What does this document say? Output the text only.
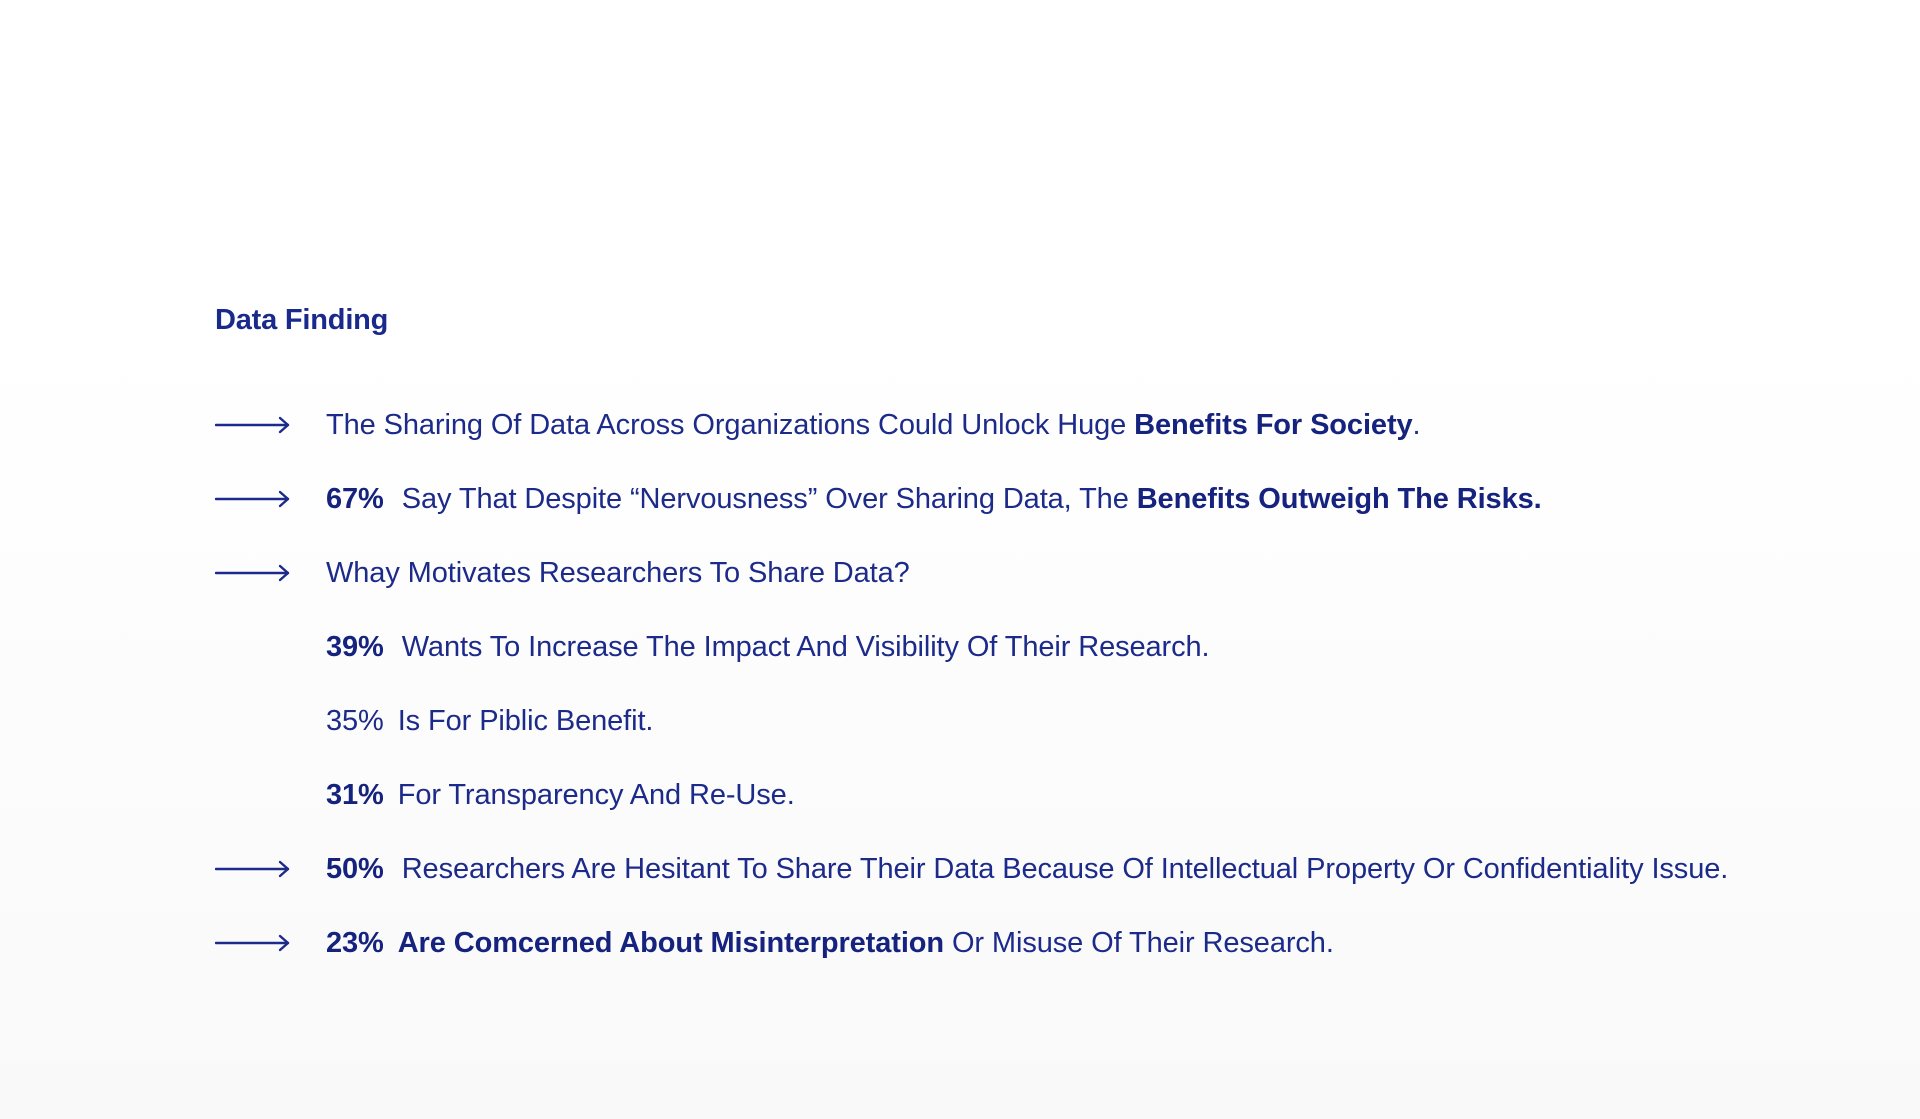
Data Finding
The Sharing Of Data Across Organizations Could Unlock Huge Benefits For Society.
67% Say That Despite “Nervousness” Over Sharing Data, The Benefits Outweigh The Risks.
Whay Motivates Researchers To Share Data?
39% Wants To Increase The Impact And Visibility Of Their Research.
35% Is For Piblic Benefit.
31% For Transparency And Re-Use.
50% Researchers Are Hesitant To Share Their Data Because Of Intellectual Property Or Confidentiality Issue.
23% Are Comcerned About Misinterpretation Or Misuse Of Their Research.
